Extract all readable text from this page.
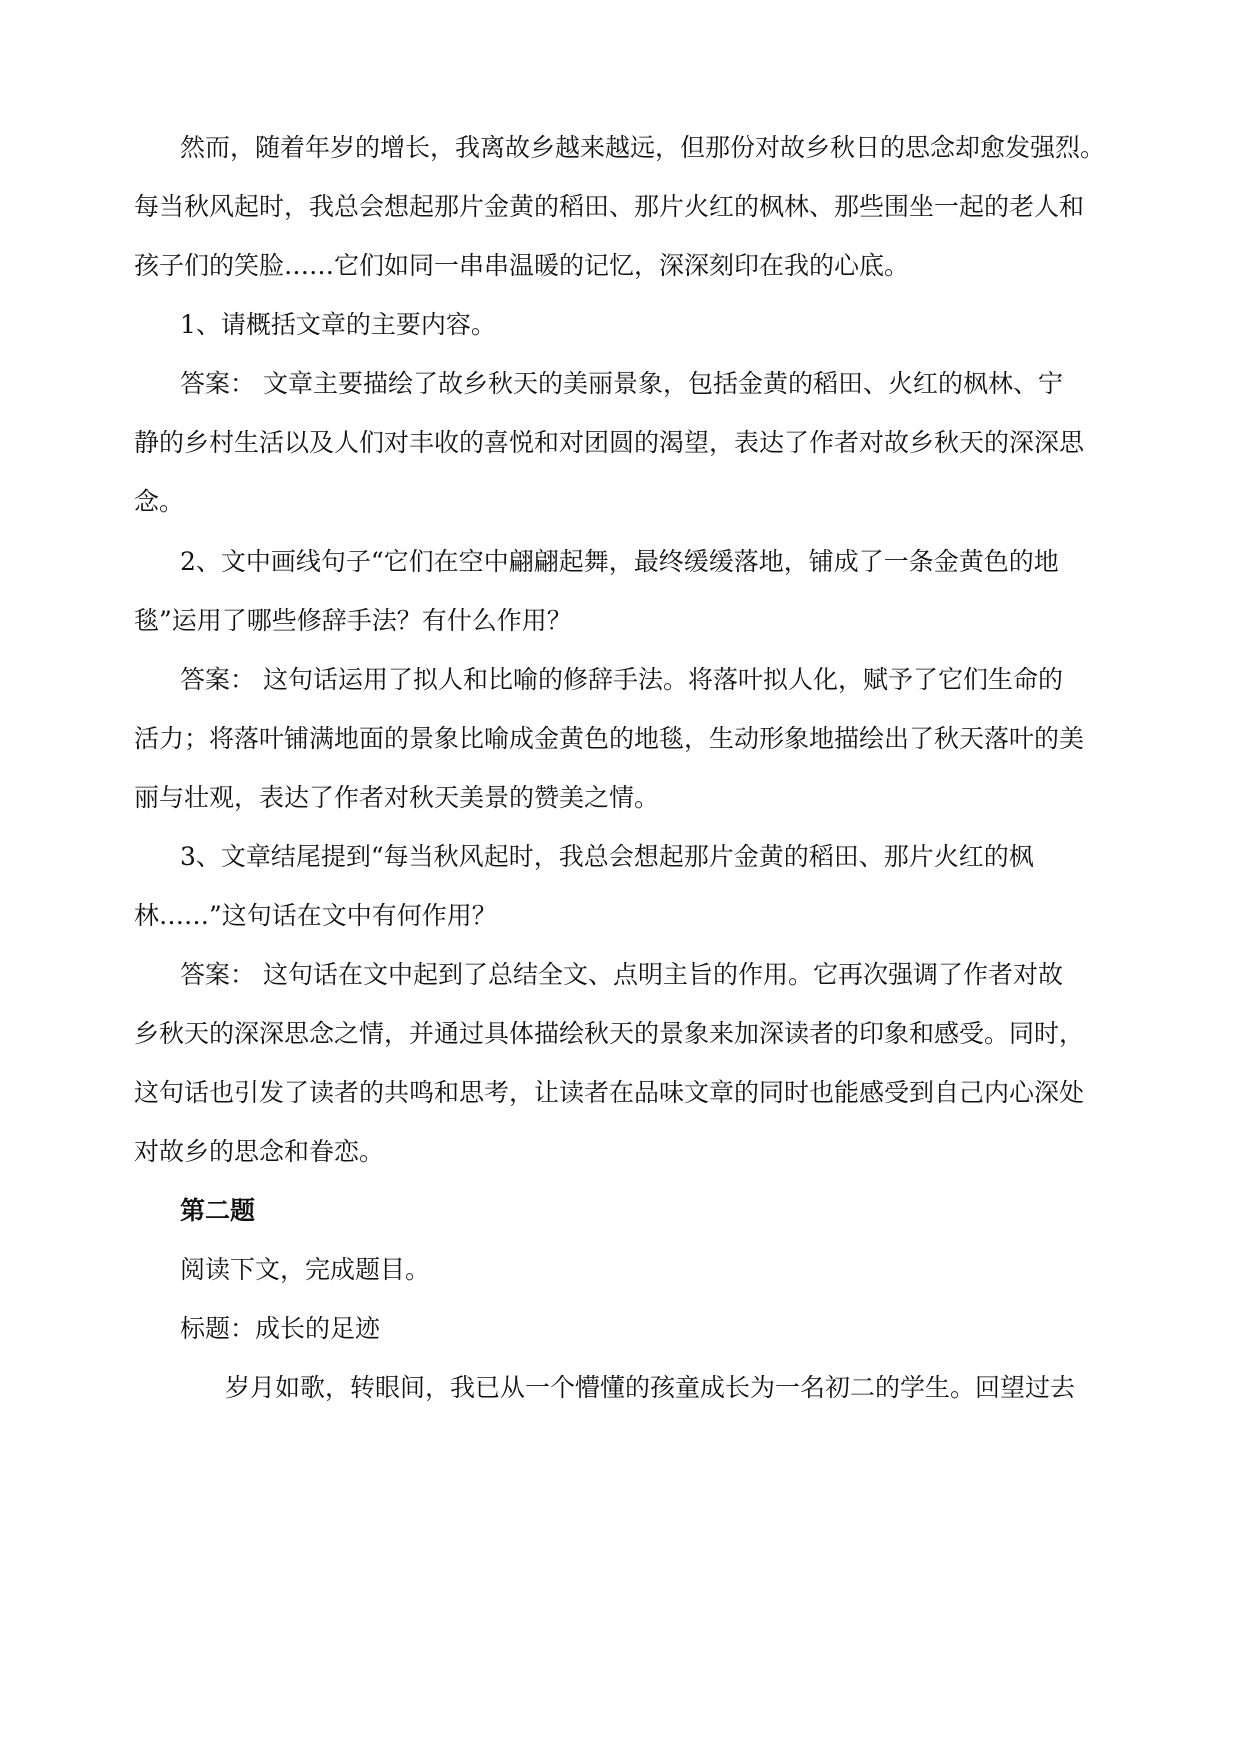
然而，随着年岁的增长，我离故乡越来越远，但那份对故乡秋日的思念却愈发强烈。
每当秋风起时，我总会想起那片金黄的稻田、那片火红的枫林、那些围坐一起的老人和
孩子们的笑脸……它们如同一串串温暖的记忆，深深刻印在我的心底。
1、请概括文章的主要内容。
答案： 文章主要描绘了故乡秋天的美丽景象，包括金黄的稻田、火红的枫林、宁
静的乡村生活以及人们对丰收的喜悦和对团圆的渴望，表达了作者对故乡秋天的深深思
念。
2、文中画线句子“它们在空中翩翩起舞，最终缓缓落地，铺成了一条金黄色的地
毯”运用了哪些修辞手法？有什么作用？
答案： 这句话运用了拟人和比喻的修辞手法。将落叶拟人化，赋予了它们生命的
活力；将落叶铺满地面的景象比喻成金黄色的地毯，生动形象地描绘出了秋天落叶的美
丽与壮观，表达了作者对秋天美景的赞美之情。
3、文章结尾提到“每当秋风起时，我总会想起那片金黄的稻田、那片火红的枫
林……”这句话在文中有何作用？
答案： 这句话在文中起到了总结全文、点明主旨的作用。它再次强调了作者对故
乡秋天的深深思念之情，并通过具体描绘秋天的景象来加深读者的印象和感受。同时，
这句话也引发了读者的共鸣和思考，让读者在品味文章的同时也能感受到自己内心深处
对故乡的思念和眷恋。
第二题
阅读下文，完成题目。
标题：成长的足迹
岁月如歌，转眼间，我已从一个懵懂的孩童成长为一名初二的学生。回望过去
